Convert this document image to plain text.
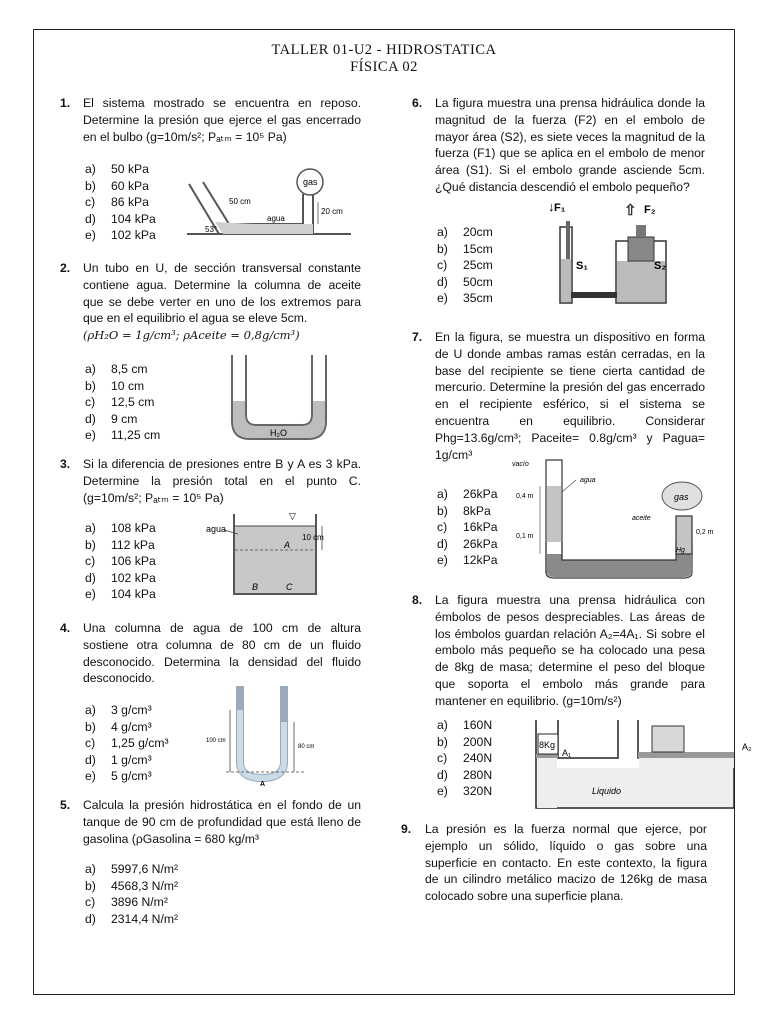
TALLER 01-U2 - HIDROSTATICA
FÍSICA 02
1. El sistema mostrado se encuentra en reposo. Determine la presión que ejerce el gas encerrado en el bulbo (g=10m/s²; Pₐₜₘ = 10⁵ Pa)
a) 50 kPa
b) 60 kPa
c) 86 kPa
d) 104 kPa
e) 102 kPa
gas
50 cm
agua
20 cm
53°
2. Un tubo en U, de sección transversal constante contiene agua. Determine la columna de aceite que se debe verter en uno de los extremos para que en el equilibrio el agua se eleve 5cm.
(ρH₂O = 1g/cm³; ρAceite = 0,8g/cm³)
a) 8,5 cm
b) 10 cm
c) 12,5 cm
d) 9 cm
e) 11,25 cm	H₂O
3. Si la diferencia de presiones entre B y A es 3 kPa. Determine la presión total en el punto C. (g=10m/s²; Pₐₜₘ = 10⁵ Pa)
a) 108 kPa
b) 112 kPa
c) 106 kPa
d) 102 kPa
e) 104 kPa
agua
▽
A
B	C
10 cm
4. Una columna de agua de 100 cm de altura sostiene otra columna de 80 cm de un fluido desconocido. Determina la densidad del fluido desconocido.
a) 3 g/cm³
b) 4 g/cm³
c) 1,25 g/cm³
d) 1 g/cm³
e) 5 g/cm³
100 cm
80 cm
A
5. Calcula la presión hidrostática en el fondo de un tanque de 90 cm de profundidad que está lleno de gasolina (ρGasolina = 680 kg/m³
a) 5997,6 N/m²
b) 4568,3 N/m²
c) 3896 N/m²
d) 2314,4 N/m²
6. La figura muestra una prensa hidráulica donde la magnitud de la fuerza (F2) en el embolo de mayor área (S2), es siete veces la magnitud de la fuerza (F1) que se aplica en el embolo de menor área (S1). Si el embolo grande asciende 5cm. ¿Qué distancia descendió el embolo pequeño?
a) 20cm
b) 15cm
c) 25cm
d) 50cm
e) 35cm
F₁
↓	⇧ F₂
S₁	S₂
7. En la figura, se muestra un dispositivo en forma de U donde ambas ramas están cerradas, en la base del recipiente se tiene cierta cantidad de mercurio. Determine la presión del gas encerrado en el recipiente esférico, si el sistema se encuentra en equilibrio. Considerar Phg=13.6g/cm³; Paceite= 0.8g/cm³ y Pagua= 1g/cm³
a) 26kPa
b) 8kPa
c) 16kPa
d) 26kPa
e) 12kPa
gas
vacío
agua
0,4 m
0,1 m
aceite
0,2 m
Hg
8. La figura muestra una prensa hidráulica con émbolos de pesos despreciables. Las áreas de los émbolos guardan relación A₂=4A₁. Si sobre el embolo más pequeño se ha colocado una pesa de 8kg de masa; determine el peso del bloque que soporta el embolo más grande para mantener en equilibrio. (g=10m/s²)
a) 160N
b) 200N
c) 240N
d) 280N
e) 320N
8Kg
A₁
A₂
Liquido
9. La presión es la fuerza normal que ejerce, por ejemplo un sólido, líquido o gas sobre una superficie en contacto. En este contexto, la figura de un cilindro metálico macizo de 126kg de masa colocado sobre una superficie plana.
